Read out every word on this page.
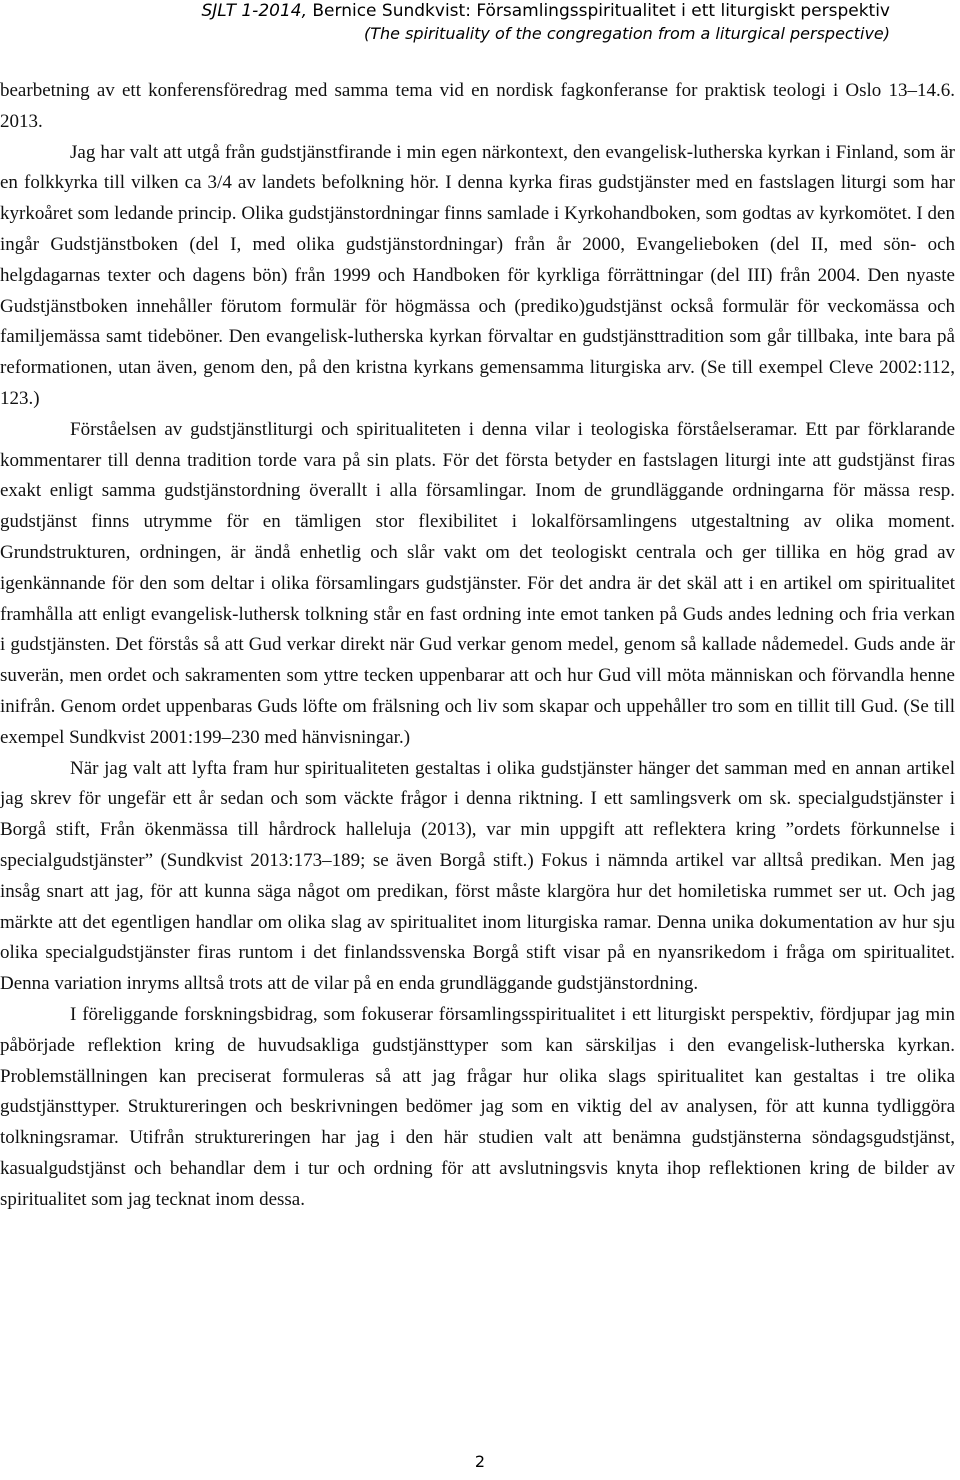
SJLT 1-2014, Bernice Sundkvist: Församlingsspiritualitet i ett liturgiskt perspektiv
(The spirituality of the congregation from a liturgical perspective)

bearbetning av ett konferensföredrag med samma tema vid en nordisk fagkonferanse for praktisk teologi i Oslo 13–14.6. 2013.

Jag har valt att utgå från gudstjänstfirande i min egen närkontext, den evangelisk-lutherska kyrkan i Finland, som är en folkkyrka till vilken ca 3/4 av landets befolkning hör. I denna kyrka firas gudstjänster med en fastslagen liturgi som har kyrkoåret som ledande princip. Olika gudstjänstordningar finns samlade i Kyrkohandboken, som godtas av kyrkomötet. I den ingår Gudstjänstboken (del I, med olika gudstjänstordningar) från år 2000, Evangelieboken (del II, med sön- och helgdagarnas texter och dagens bön) från 1999 och Handboken för kyrkliga förrättningar (del III) från 2004. Den nyaste Gudstjänstboken innehåller förutom formulär för högmässa och (prediko)gudstjänst också formulär för veckomässa och familjemässa samt tideböner. Den evangelisk-lutherska kyrkan förvaltar en gudstjänsttradition som går tillbaka, inte bara på reformationen, utan även, genom den, på den kristna kyrkans gemensamma liturgiska arv. (Se till exempel Cleve 2002:112, 123.)

Förståelsen av gudstjänstliturgi och spiritualiteten i denna vilar i teologiska förståelseramar. Ett par förklarande kommentarer till denna tradition torde vara på sin plats. För det första betyder en fastslagen liturgi inte att gudstjänst firas exakt enligt samma gudstjänstordning överallt i alla församlingar. Inom de grundläggande ordningarna för mässa resp. gudstjänst finns utrymme för en tämligen stor flexibilitet i lokalförsamlingens utgestaltning av olika moment. Grundstrukturen, ordningen, är ändå enhetlig och slår vakt om det teologiskt centrala och ger tillika en hög grad av igenkännande för den som deltar i olika församlingars gudstjänster. För det andra är det skäl att i en artikel om spiritualitet framhålla att enligt evangelisk-luthersk tolkning står en fast ordning inte emot tanken på Guds andes ledning och fria verkan i gudstjänsten. Det förstås så att Gud verkar direkt när Gud verkar genom medel, genom så kallade nådemedel. Guds ande är suverän, men ordet och sakramenten som yttre tecken uppenbarar att och hur Gud vill möta människan och förvandla henne inifrån. Genom ordet uppenbaras Guds löfte om frälsning och liv som skapar och uppehåller tro som en tillit till Gud. (Se till exempel Sundkvist 2001:199–230 med hänvisningar.)

När jag valt att lyfta fram hur spiritualiteten gestaltas i olika gudstjänster hänger det samman med en annan artikel jag skrev för ungefär ett år sedan och som väckte frågor i denna riktning. I ett samlingsverk om sk. specialgudstjänster i Borgå stift, Från ökenmässa till hårdrock halleluja (2013), var min uppgift att reflektera kring ”ordets förkunnelse i specialgudstjänster” (Sundkvist 2013:173–189; se även Borgå stift.) Fokus i nämnda artikel var alltså predikan. Men jag insåg snart att jag, för att kunna säga något om predikan, först måste klargöra hur det homiletiska rummet ser ut. Och jag märkte att det egentligen handlar om olika slag av spiritualitet inom liturgiska ramar. Denna unika dokumentation av hur sju olika specialgudstjänster firas runtom i det finlandssvenska Borgå stift visar på en nyansrikedom i fråga om spiritualitet. Denna variation inryms alltså trots att de vilar på en enda grundläggande gudstjänstordning.

I föreliggande forskningsbidrag, som fokuserar församlingsspiritualitet i ett liturgiskt perspektiv, fördjupar jag min påbörjade reflektion kring de huvudsakliga gudstjänsttyper som kan särskiljas i den evangelisk-lutherska kyrkan. Problemställningen kan preciserat formuleras så att jag frågar hur olika slags spiritualitet kan gestaltas i tre olika gudstjänsttyper. Struktureringen och beskrivningen bedömer jag som en viktig del av analysen, för att kunna tydliggöra tolkningsramar. Utifrån struktureringen har jag i den här studien valt att benämna gudstjänsterna söndagsgudstjänst, kasualgudstjänst och behandlar dem i tur och ordning för att avslutningsvis knyta ihop reflektionen kring de bilder av spiritualitet som jag tecknat inom dessa.

2
